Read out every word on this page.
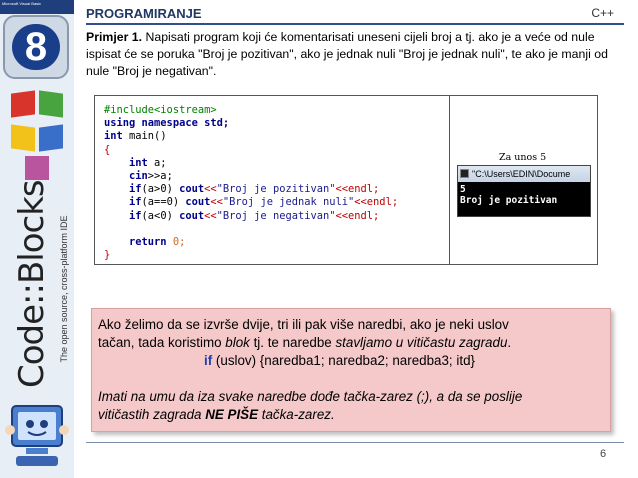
Microsoft Visual Basic
8
Code::Blocks The open source, cross-platform IDE
PROGRAMIRANJE	C++
Primjer 1. Napisati program koji će komentarisati uneseni cijeli broj a tj. ako je a veće od nule ispisat će se poruka "Broj je pozitivan", ako je jednak nuli "Broj je jednak nuli", te ako je manji od nule "Broj je negativan".
#include<iostream>
using namespace std;
int main()
{
int a;
cin>>a;
if(a>0) cout<<"Broj je pozitivan"<<endl;
if(a==0) cout<<"Broj je jednak nuli"<<endl;
if(a<0) cout<<"Broj je negativan"<<endl;

return 0;
}
Za unos 5
"C:\Users\EDIN\Docume
5
Broj je pozitivan
Ako želimo da se izvrše dvije, tri ili pak više naredbi, ako je neki uslov
tačan, tada koristimo blok tj. te naredbe stavljamo u vitičastu zagradu.
if (uslov) {naredba1; naredba2; naredba3; itd}
Imati na umu da iza svake naredbe dođe tačka-zarez (;), a da se poslije
vitičastih zagrada NE PIŠE tačka-zarez.
6
